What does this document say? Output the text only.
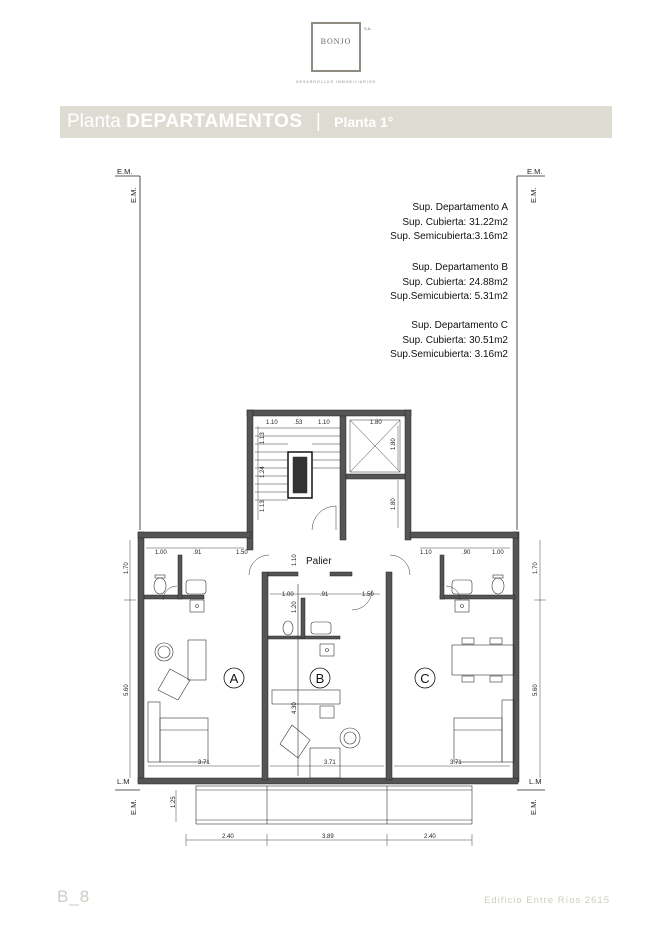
BONJO
S.A.
DESARROLLOS INMOBILIARIOS
Planta DEPARTAMENTOS | Planta 1°
Sup. Departamento A
Sup. Cubierta: 31.22m2
Sup. Semicubierta:3.16m2
Sup. Departamento B
Sup. Cubierta: 24.88m2
Sup.Semicubierta: 5.31m2
Sup. Departamento C
Sup. Cubierta: 30.51m2
Sup.Semicubierta: 3.16m2
E.M.	E.M.
L.M	L.M
E.M.	E.M.
E.M.	E.M.
Palier
A	B	C
1.10	.53	1.10	1.80
1.80
1.80
1.13
1.24
1.13
1.00	.91	1.50	1.10	.90	1.00
1.70	1.70
1.10
1.00	.91	1.50
1.20
5.60	5.60
4.30
3.71	3.71	3.71
1.25
2.40	3.89	2.40
B_8	Edificio Entre Ríos 2615
